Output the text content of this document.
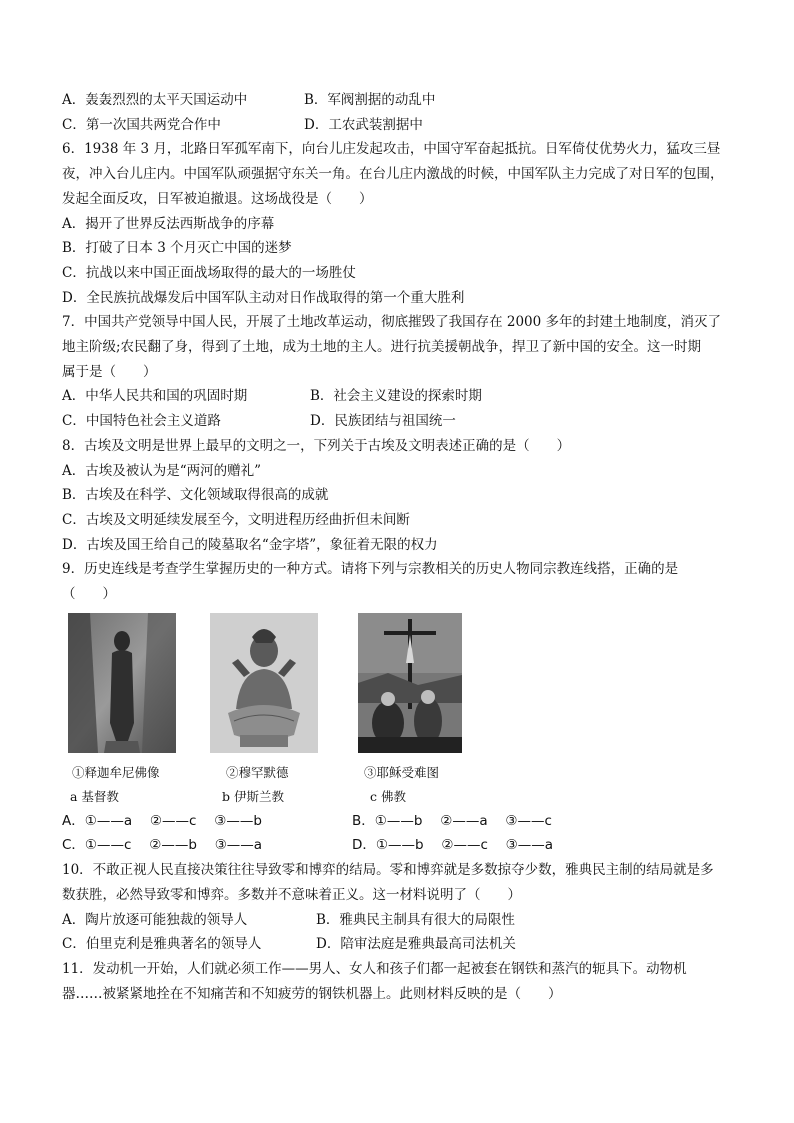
A．轰轰烈烈的太平天国运动中	B．军阀割据的动乱中
C．第一次国共两党合作中	D．工农武装割据中
6．1938 年 3 月，北路日军孤军南下，向台儿庄发起攻击，中国守军奋起抵抗。日军倚仗优势火力，猛攻三昼
夜，冲入台儿庄内。中国军队顽强据守东关一角。在台儿庄内激战的时候，中国军队主力完成了对日军的包围，
发起全面反攻，日军被迫撤退。这场战役是（　　）
A．揭开了世界反法西斯战争的序幕
B．打破了日本 3 个月灭亡中国的迷梦
C．抗战以来中国正面战场取得的最大的一场胜仗
D．全民族抗战爆发后中国军队主动对日作战取得的第一个重大胜利
7．中国共产党领导中国人民，开展了土地改革运动，彻底摧毁了我国存在 2000 多年的封建土地制度，消灭了
地主阶级;农民翻了身，得到了土地，成为土地的主人。进行抗美援朝战争，捍卫了新中国的安全。这一时期
属于是（　　）
A．中华人民共和国的巩固时期	B．社会主义建设的探索时期
C．中国特色社会主义道路	D．民族团结与祖国统一
8．古埃及文明是世界上最早的文明之一，下列关于古埃及文明表述正确的是（　　）
A．古埃及被认为是“两河的赠礼”
B．古埃及在科学、文化领域取得很高的成就
C．古埃及文明延续发展至今，文明进程历经曲折但未间断
D．古埃及国王给自己的陵墓取名“金字塔”，象征着无限的权力
9．历史连线是考查学生掌握历史的一种方式。请将下列与宗教相关的历史人物同宗教连线搭，正确的是
（　　）
①释迦牟尼佛像	②穆罕默德	③耶稣受难图
a 基督教	b 伊斯兰教	c 佛教
A．①——a　 ②——c　 ③——b	B．①——b　 ②——a　 ③——c
C．①——c　 ②——b　 ③——a	D．①——b　 ②——c　 ③——a
10．不敢正视人民直接决策往往导致零和博弈的结局。零和博弈就是多数掠夺少数，雅典民主制的结局就是多
数获胜，必然导致零和博弈。多数并不意味着正义。这一材料说明了（　　）
A．陶片放逐可能独裁的领导人	B．雅典民主制具有很大的局限性
C．伯里克利是雅典著名的领导人	D．陪审法庭是雅典最高司法机关
11．发动机一开始，人们就必须工作——男人、女人和孩子们都一起被套在钢铁和蒸汽的轭具下。动物机
器……被紧紧地拴在不知痛苦和不知疲劳的钢铁机器上。此则材料反映的是（　　）
